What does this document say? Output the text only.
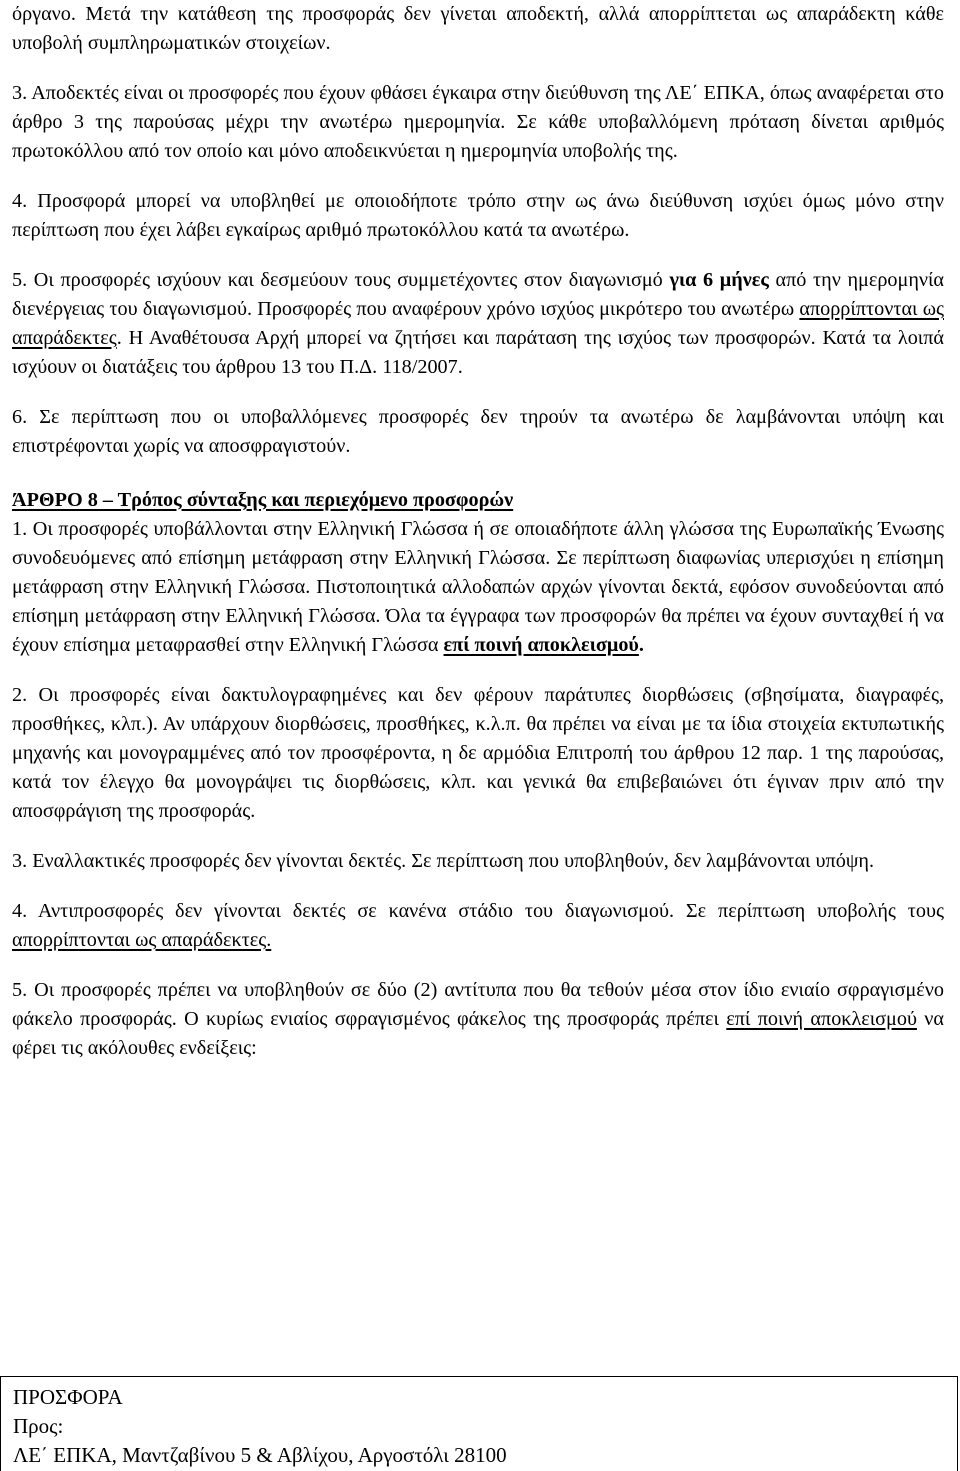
όργανο. Μετά την κατάθεση της προσφοράς δεν γίνεται αποδεκτή, αλλά απορρίπτεται ως απαράδεκτη κάθε υποβολή συμπληρωματικών στοιχείων.

3. Αποδεκτές είναι οι προσφορές που έχουν φθάσει έγκαιρα στην διεύθυνση της ΛΕ΄ ΕΠΚΑ, όπως αναφέρεται στο άρθρο 3 της παρούσας μέχρι την ανωτέρω ημερομηνία. Σε κάθε υποβαλλόμενη πρόταση δίνεται αριθμός πρωτοκόλλου από τον οποίο και μόνο αποδεικνύεται η ημερομηνία υποβολής της.

4. Προσφορά μπορεί να υποβληθεί με οποιοδήποτε τρόπο στην ως άνω διεύθυνση ισχύει όμως μόνο στην περίπτωση που έχει λάβει εγκαίρως αριθμό πρωτοκόλλου κατά τα ανωτέρω.

5. Οι προσφορές ισχύουν και δεσμεύουν τους συμμετέχοντες στον διαγωνισμό για 6 μήνες από την ημερομηνία διενέργειας του διαγωνισμού. Προσφορές που αναφέρουν χρόνο ισχύος μικρότερο του ανωτέρω απορρίπτονται ως απαράδεκτες. Η Αναθέτουσα Αρχή μπορεί να ζητήσει και παράταση της ισχύος των προσφορών. Κατά τα λοιπά ισχύουν οι διατάξεις του άρθρου 13 του Π.Δ. 118/2007.

6. Σε περίπτωση που οι υποβαλλόμενες προσφορές δεν τηρούν τα ανωτέρω δε λαμβάνονται υπόψη και επιστρέφονται χωρίς να αποσφραγιστούν.

ΆΡΘΡΟ 8 – Τρόπος σύνταξης και περιεχόμενο προσφορών

1. Οι προσφορές υποβάλλονται στην Ελληνική Γλώσσα ή σε οποιαδήποτε άλλη γλώσσα της Ευρωπαϊκής Ένωσης συνοδευόμενες από επίσημη μετάφραση στην Ελληνική Γλώσσα. Σε περίπτωση διαφωνίας υπερισχύει η επίσημη μετάφραση στην Ελληνική Γλώσσα. Πιστοποιητικά αλλοδαπών αρχών γίνονται δεκτά, εφόσον συνοδεύονται από επίσημη μετάφραση στην Ελληνική Γλώσσα. Όλα τα έγγραφα των προσφορών θα πρέπει να έχουν συνταχθεί ή να έχουν επίσημα μεταφρασθεί στην Ελληνική Γλώσσα επί ποινή αποκλεισμού.

2. Οι προσφορές είναι δακτυλογραφημένες και δεν φέρουν παράτυπες διορθώσεις (σβησίματα, διαγραφές, προσθήκες, κλπ.). Αν υπάρχουν διορθώσεις, προσθήκες, κ.λ.π. θα πρέπει να είναι με τα ίδια στοιχεία εκτυπωτικής μηχανής και μονογραμμένες από τον προσφέροντα, η δε αρμόδια Επιτροπή του άρθρου 12 παρ. 1 της παρούσας, κατά τον έλεγχο θα μονογράψει τις διορθώσεις, κλπ. και γενικά θα επιβεβαιώνει ότι έγιναν πριν από την αποσφράγιση της προσφοράς.

3. Εναλλακτικές προσφορές δεν γίνονται δεκτές. Σε περίπτωση που υποβληθούν, δεν λαμβάνονται υπόψη.

4. Αντιπροσφορές δεν γίνονται δεκτές σε κανένα στάδιο του διαγωνισμού. Σε περίπτωση υποβολής τους απορρίπτονται ως απαράδεκτες.

5. Οι προσφορές πρέπει να υποβληθούν σε δύο (2) αντίτυπα που θα τεθούν μέσα στον ίδιο ενιαίο σφραγισμένο φάκελο προσφοράς. Ο κυρίως ενιαίος σφραγισμένος φάκελος της προσφοράς πρέπει επί ποινή αποκλεισμού να φέρει τις ακόλουθες ενδείξεις:

ΠΡΟΣΦΟΡΑ
Προς:
ΛΕ΄ ΕΠΚΑ, Μαντζαβίνου 5 & Αβλίχου, Αργοστόλι 28100
